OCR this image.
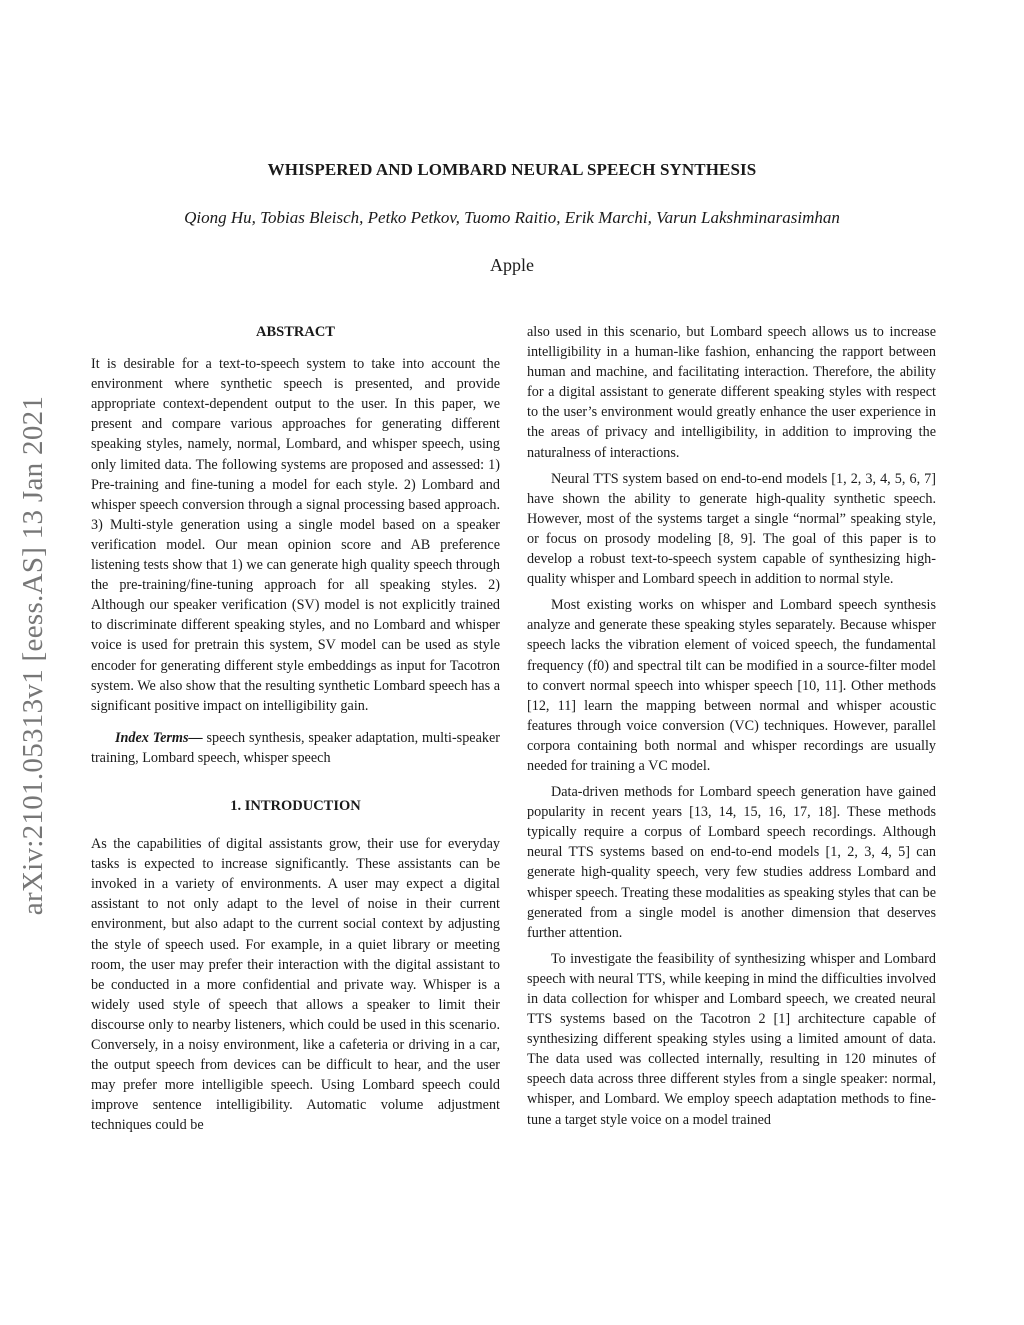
arXiv:2101.05313v1 [eess.AS] 13 Jan 2021
WHISPERED AND LOMBARD NEURAL SPEECH SYNTHESIS
Qiong Hu, Tobias Bleisch, Petko Petkov, Tuomo Raitio, Erik Marchi, Varun Lakshminarasimhan
Apple

ABSTRACT

It is desirable for a text-to-speech system to take into account the environment where synthetic speech is presented, and provide appropriate context-dependent output to the user. In this paper, we present and compare various approaches for generating different speaking styles, namely, normal, Lombard, and whisper speech, using only limited data. The following systems are proposed and assessed: 1) Pre-training and fine-tuning a model for each style. 2) Lombard and whisper speech conversion through a signal processing based approach. 3) Multi-style generation using a single model based on a speaker verification model. Our mean opinion score and AB preference listening tests show that 1) we can generate high quality speech through the pre-training/fine-tuning approach for all speaking styles. 2) Although our speaker verification (SV) model is not explicitly trained to discriminate different speaking styles, and no Lombard and whisper voice is used for pretrain this system, SV model can be used as style encoder for generating different style embeddings as input for Tacotron system. We also show that the resulting synthetic Lombard speech has a significant positive impact on intelligibility gain.

Index Terms— speech synthesis, speaker adaptation, multi-speaker training, Lombard speech, whisper speech

1. INTRODUCTION

As the capabilities of digital assistants grow, their use for everyday tasks is expected to increase significantly. These assistants can be invoked in a variety of environments. A user may expect a digital assistant to not only adapt to the level of noise in their current environment, but also adapt to the current social context by adjusting the style of speech used. For example, in a quiet library or meeting room, the user may prefer their interaction with the digital assistant to be conducted in a more confidential and private way. Whisper is a widely used style of speech that allows a speaker to limit their discourse only to nearby listeners, which could be used in this scenario. Conversely, in a noisy environment, like a cafeteria or driving in a car, the output speech from devices can be difficult to hear, and the user may prefer more intelligible speech. Using Lombard speech could improve sentence intelligibility. Automatic volume adjustment techniques could be

also used in this scenario, but Lombard speech allows us to increase intelligibility in a human-like fashion, enhancing the rapport between human and machine, and facilitating interaction. Therefore, the ability for a digital assistant to generate different speaking styles with respect to the user’s environment would greatly enhance the user experience in the areas of privacy and intelligibility, in addition to improving the naturalness of interactions.

Neural TTS system based on end-to-end models [1, 2, 3, 4, 5, 6, 7] have shown the ability to generate high-quality synthetic speech. However, most of the systems target a single “normal” speaking style, or focus on prosody modeling [8, 9]. The goal of this paper is to develop a robust text-to-speech system capable of synthesizing high-quality whisper and Lombard speech in addition to normal style.

Most existing works on whisper and Lombard speech synthesis analyze and generate these speaking styles separately. Because whisper speech lacks the vibration element of voiced speech, the fundamental frequency (f0) and spectral tilt can be modified in a source-filter model to convert normal speech into whisper speech [10, 11]. Other methods [12, 11] learn the mapping between normal and whisper acoustic features through voice conversion (VC) techniques. However, parallel corpora containing both normal and whisper recordings are usually needed for training a VC model.

Data-driven methods for Lombard speech generation have gained popularity in recent years [13, 14, 15, 16, 17, 18]. These methods typically require a corpus of Lombard speech recordings. Although neural TTS systems based on end-to-end models [1, 2, 3, 4, 5] can generate high-quality speech, very few studies address Lombard and whisper speech. Treating these modalities as speaking styles that can be generated from a single model is another dimension that deserves further attention.

To investigate the feasibility of synthesizing whisper and Lombard speech with neural TTS, while keeping in mind the difficulties involved in data collection for whisper and Lombard speech, we created neural TTS systems based on the Tacotron 2 [1] architecture capable of synthesizing different speaking styles using a limited amount of data. The data used was collected internally, resulting in 120 minutes of speech data across three different styles from a single speaker: normal, whisper, and Lombard. We employ speech adaptation methods to fine-tune a target style voice on a model trained
